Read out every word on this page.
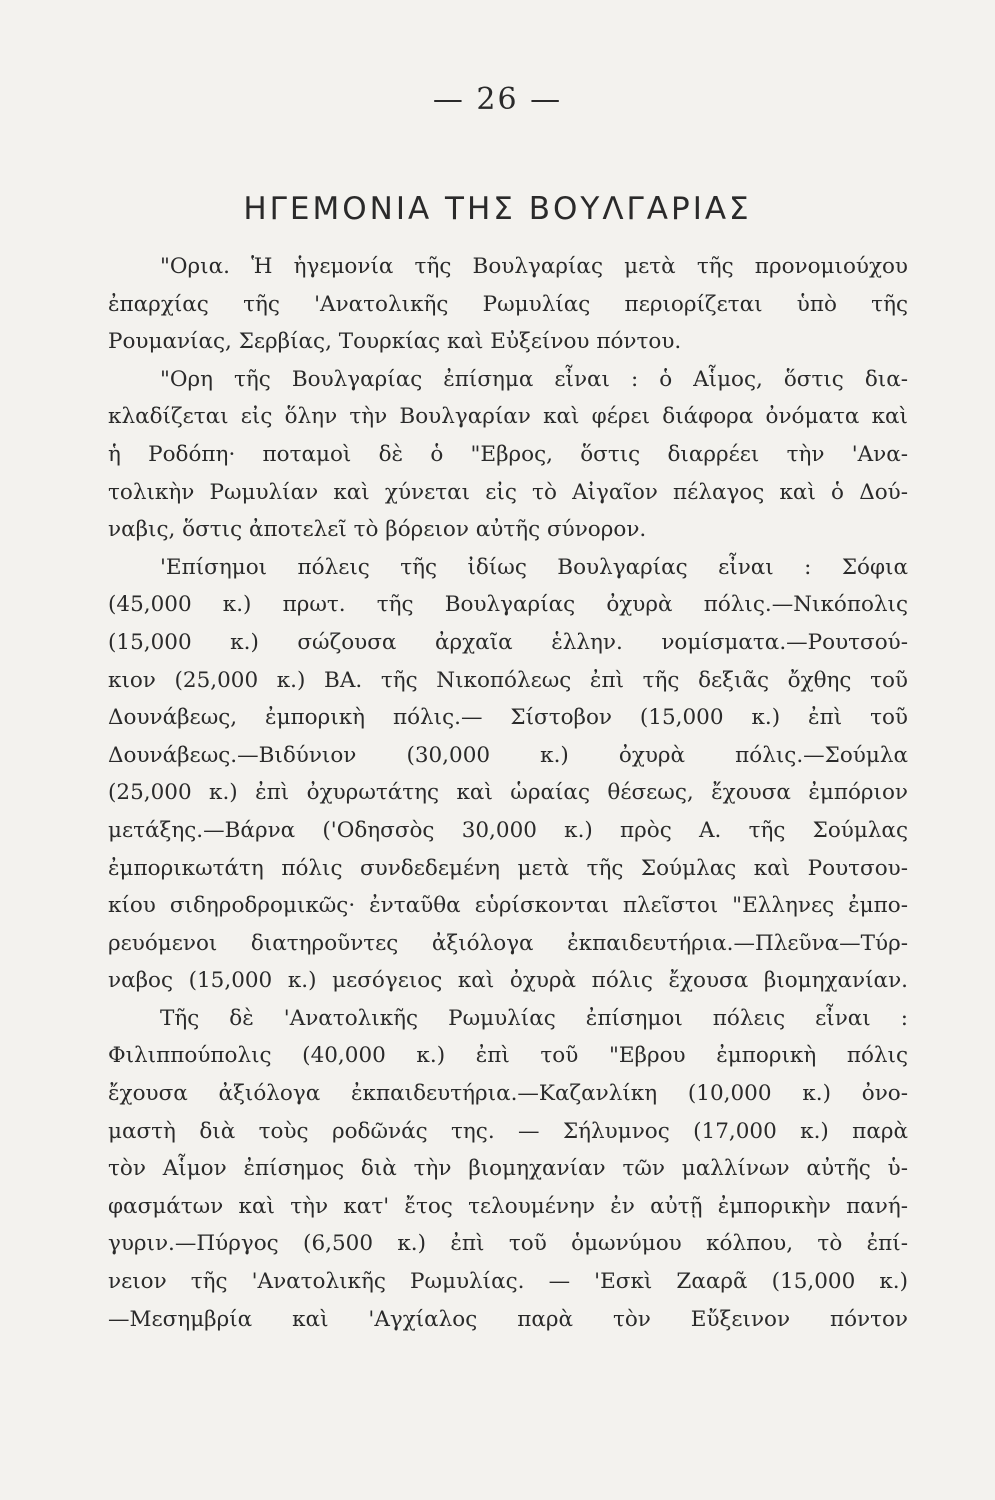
— 26 —
ΗΓΕΜΟΝΙΑ ΤΗΣ ΒΟΥΛΓΑΡΙΑΣ
"Ορια. Ἡ ἡγεμονία τῆς Βουλγαρίας μετὰ τῆς προνομιούχου
ἐπαρχίας τῆς 'Ανατολικῆς Ρωμυλίας περιορίζεται ὑπὸ τῆς
Ρουμανίας, Σερβίας, Τουρκίας καὶ Εὐξείνου πόντου.
"Ορη τῆς Βουλγαρίας ἐπίσημα εἶναι : ὁ Αἷμος, ὅστις δια-
κλαδίζεται εἰς ὅλην τὴν Βουλγαρίαν καὶ φέρει διάφορα ὀνόματα καὶ
ἡ Ροδόπη· ποταμοὶ δὲ ὁ "Εβρος, ὅστις διαρρέει τὴν 'Ανα-
τολικὴν Ρωμυλίαν καὶ χύνεται εἰς τὸ Αἰγαῖον πέλαγος καὶ ὁ Δού-
ναβις, ὅστις ἀποτελεῖ τὸ βόρειον αὐτῆς σύνορον.
'Επίσημοι πόλεις τῆς ἰδίως Βουλγαρίας εἶναι : Σόφια
(45,000 κ.) πρωτ. τῆς Βουλγαρίας ὀχυρὰ πόλις.—Νικόπολις
(15,000 κ.) σώζουσα ἀρχαῖα ἑλλην. νομίσματα.—Ρουτσού-
κιον (25,000 κ.) ΒΑ. τῆς Νικοπόλεως ἐπὶ τῆς δεξιᾶς ὄχθης τοῦ
Δουνάβεως, ἐμπορικὴ πόλις.— Σίστοβον (15,000 κ.) ἐπὶ τοῦ
Δουνάβεως.—Βιδύνιον (30,000 κ.) ὀχυρὰ πόλις.—Σούμλα
(25,000 κ.) ἐπὶ ὀχυρωτάτης καὶ ὡραίας θέσεως, ἔχουσα ἐμπόριον
μετάξης.—Βάρνα ('Οδησσὸς 30,000 κ.) πρὸς Α. τῆς Σούμλας
ἐμπορικωτάτη πόλις συνδεδεμένη μετὰ τῆς Σούμλας καὶ Ρουτσου-
κίου σιδηροδρομικῶς· ἐνταῦθα εὑρίσκονται πλεῖστοι "Ελληνες ἐμπο-
ρευόμενοι διατηροῦντες ἀξιόλογα ἐκπαιδευτήρια.—Πλεῦνα—Τύρ-
ναβος (15,000 κ.) μεσόγειος καὶ ὀχυρὰ πόλις ἔχουσα βιομηχανίαν.
Τῆς δὲ 'Ανατολικῆς Ρωμυλίας ἐπίσημοι πόλεις εἶναι :
Φιλιππούπολις (40,000 κ.) ἐπὶ τοῦ "Εβρου ἐμπορικὴ πόλις
ἔχουσα ἀξιόλογα ἐκπαιδευτήρια.—Καζανλίκη (10,000 κ.) ὀνο-
μαστὴ διὰ τοὺς ροδῶνάς της. — Σήλυμνος (17,000 κ.) παρὰ
τὸν Αἷμον ἐπίσημος διὰ τὴν βιομηχανίαν τῶν μαλλίνων αὐτῆς ὑ-
φασμάτων καὶ τὴν κατ' ἔτος τελουμένην ἐν αὐτῇ ἐμπορικὴν πανή-
γυριν.—Πύργος (6,500 κ.) ἐπὶ τοῦ ὁμωνύμου κόλπου, τὸ ἐπί-
νειον τῆς 'Ανατολικῆς Ρωμυλίας. — 'Εσκὶ Ζααρᾶ (15,000 κ.)
—Μεσημβρία καὶ 'Αγχίαλος παρὰ τὸν Εὔξεινον πόντον
